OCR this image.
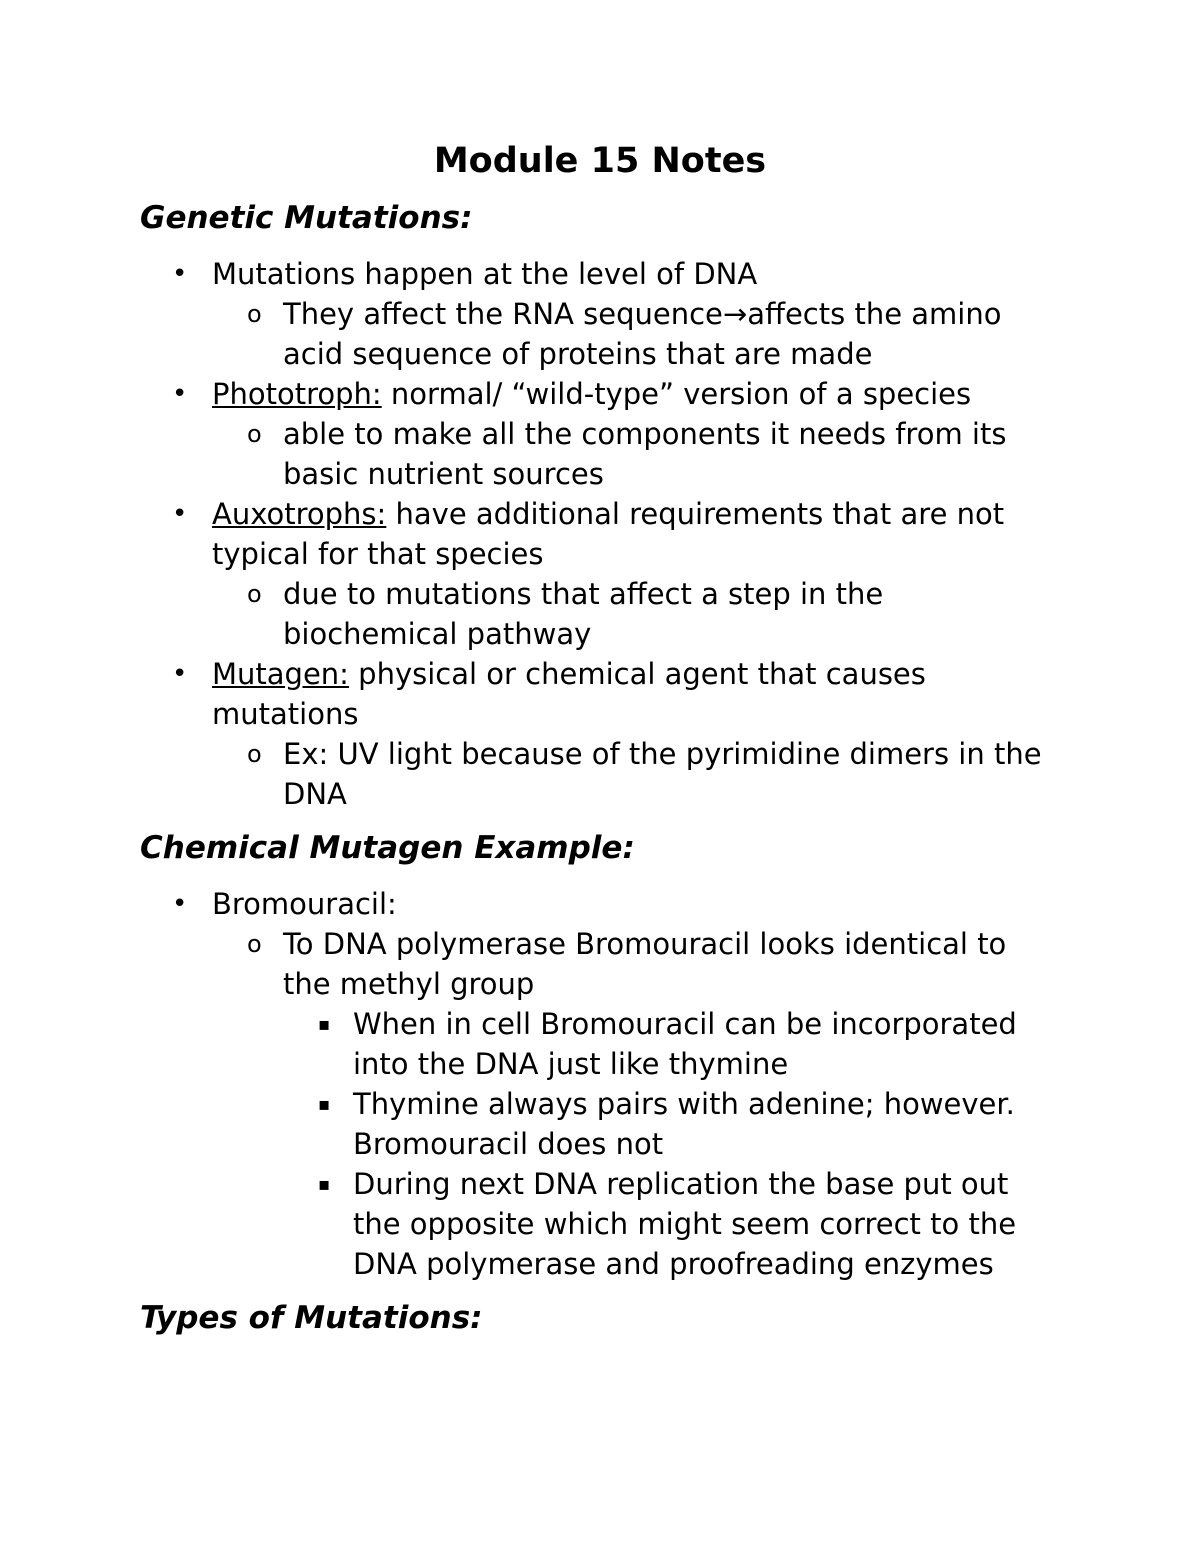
Module 15 Notes
Genetic Mutations:
• Mutations happen at the level of DNA
o They affect the RNA sequence→affects the amino acid sequence of proteins that are made
• Phototroph: normal/ “wild-type” version of a species
o able to make all the components it needs from its basic nutrient sources
• Auxotrophs: have additional requirements that are not typical for that species
o due to mutations that affect a step in the biochemical pathway
• Mutagen: physical or chemical agent that causes mutations
o Ex: UV light because of the pyrimidine dimers in the DNA
Chemical Mutagen Example:
• Bromouracil:
o To DNA polymerase Bromouracil looks identical to the methyl group
▪ When in cell Bromouracil can be incorporated into the DNA just like thymine
▪ Thymine always pairs with adenine; however. Bromouracil does not
▪ During next DNA replication the base put out the opposite which might seem correct to the DNA polymerase and proofreading enzymes
Types of Mutations:
